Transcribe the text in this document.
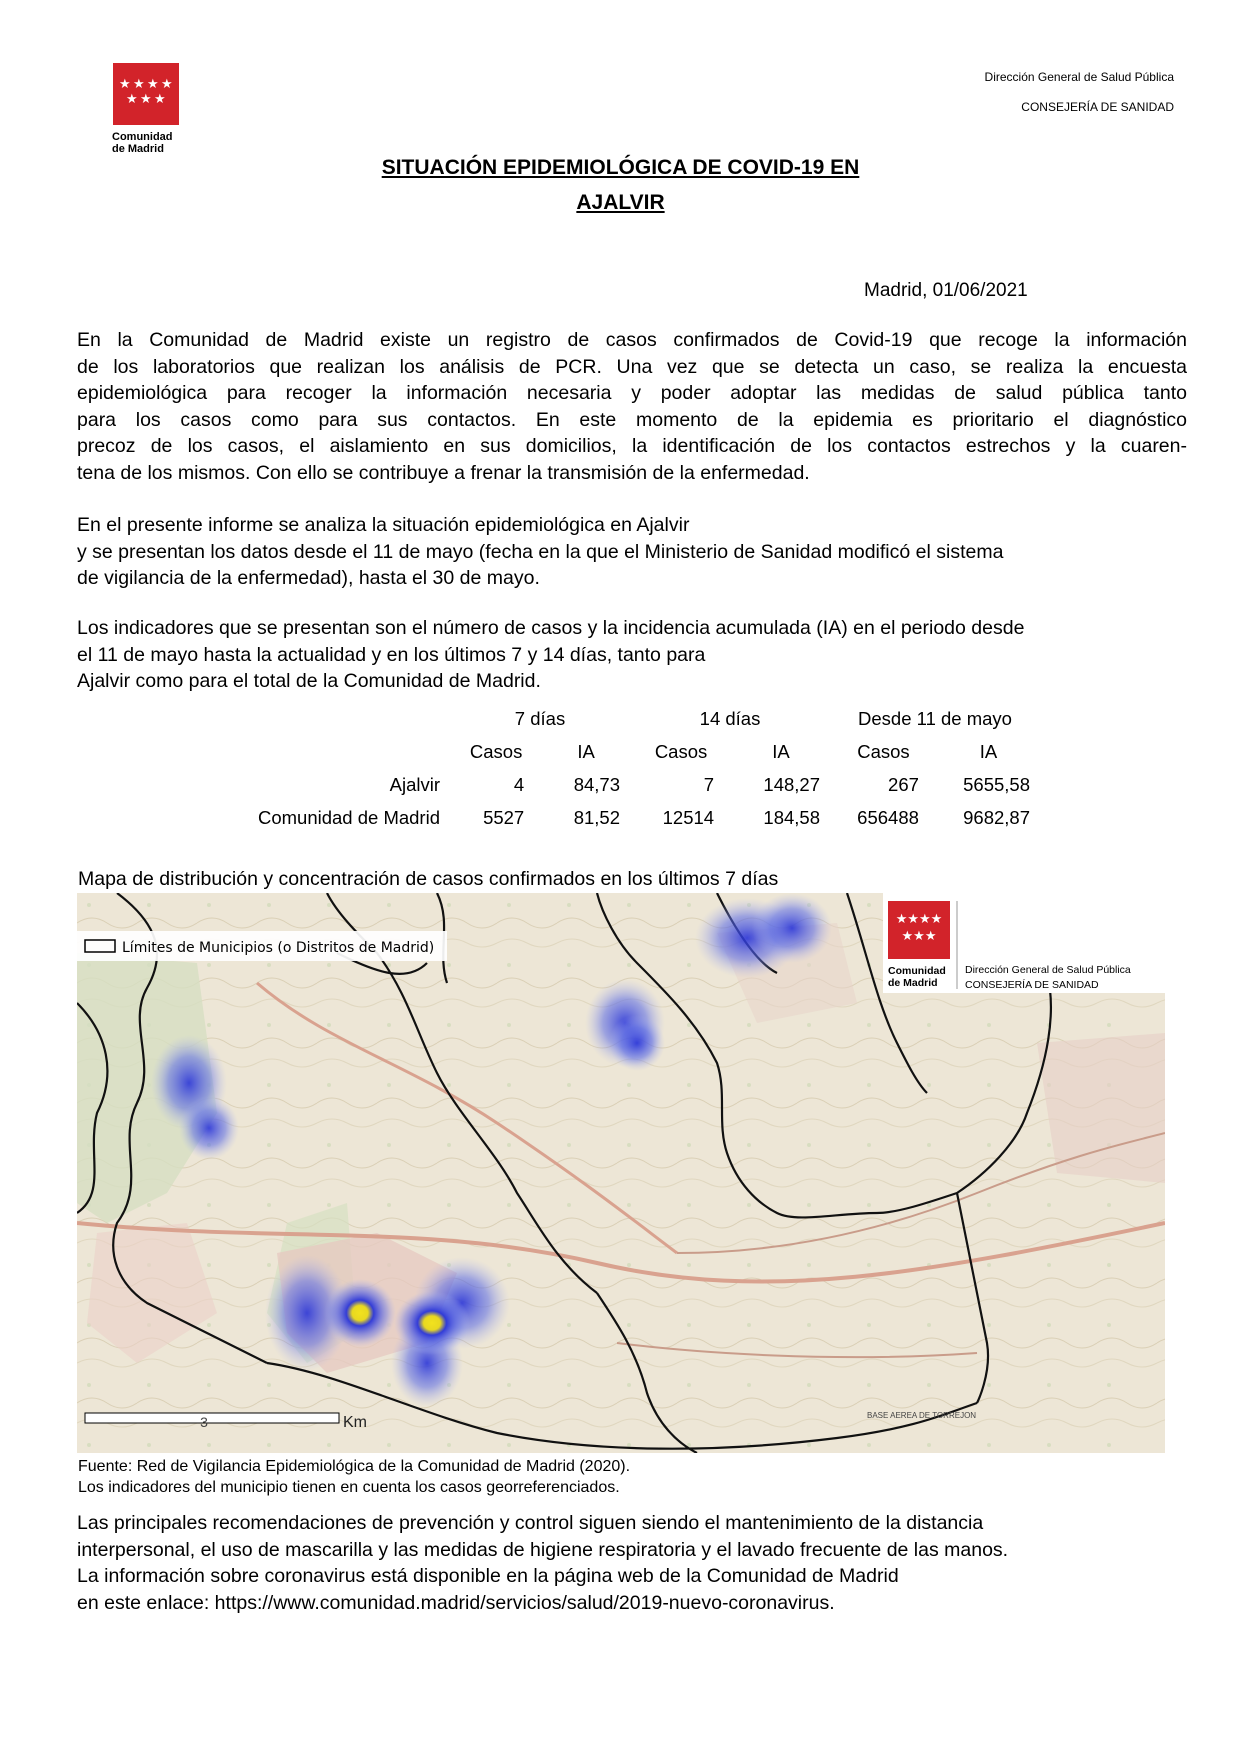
★ ★ ★ ★
★ ★ ★
Comunidad
de Madrid
Dirección General de Salud Pública
CONSEJERÍA DE SANIDAD
SITUACIÓN EPIDEMIOLÓGICA DE COVID-19 EN
AJALVIR
Madrid, 01/06/2021
En la Comunidad de Madrid existe un registro de casos confirmados de Covid-19 que recoge la información
de los laboratorios que realizan los análisis de PCR. Una vez que se detecta un caso, se realiza la encuesta
epidemiológica para recoger la información necesaria y poder adoptar las medidas de salud pública tanto
para los casos como para sus contactos. En este momento de la epidemia es prioritario el diagnóstico
precoz de los casos, el aislamiento en sus domicilios, la identificación de los contactos estrechos y la cuaren-
tena de los mismos. Con ello se contribuye a frenar la transmisión de la enfermedad.
En el presente informe se analiza la situación epidemiológica en Ajalvir
y se presentan los datos desde el 11 de mayo (fecha en la que el Ministerio de Sanidad modificó el sistema
de vigilancia de la enfermedad), hasta el 30 de mayo.
Los indicadores que se presentan son el número de casos y la incidencia acumulada (IA) en el periodo desde
el 11 de mayo hasta la actualidad y en los últimos 7 y 14 días, tanto para
Ajalvir como para el total de la Comunidad de Madrid.
	7 días		14 días		Desde 11 de mayo	
	Casos	IA	Casos	IA	Casos	IA
Ajalvir	4	84,73	7	148,27	267	5655,58
Comunidad de Madrid	5527	81,52	12514	184,58	656488	9682,87
Mapa de distribución y concentración de casos confirmados en los últimos 7 días
BASE AEREA DE TORREJON
Límites de Municipios (o Distritos de Madrid)
3	Km
★★★★
★★★
Comunidad
de Madrid
Dirección General de Salud Pública
CONSEJERÍA DE SANIDAD
Fuente: Red de Vigilancia Epidemiológica de la Comunidad de Madrid (2020).
Los indicadores del municipio tienen en cuenta los casos georreferenciados.
Las principales recomendaciones de prevención y control siguen siendo el mantenimiento de la distancia
interpersonal, el uso de mascarilla y las medidas de higiene respiratoria y el lavado frecuente de las manos.
La información sobre coronavirus está disponible en la página web de la Comunidad de Madrid
en este enlace: https://www.comunidad.madrid/servicios/salud/2019-nuevo-coronavirus.
